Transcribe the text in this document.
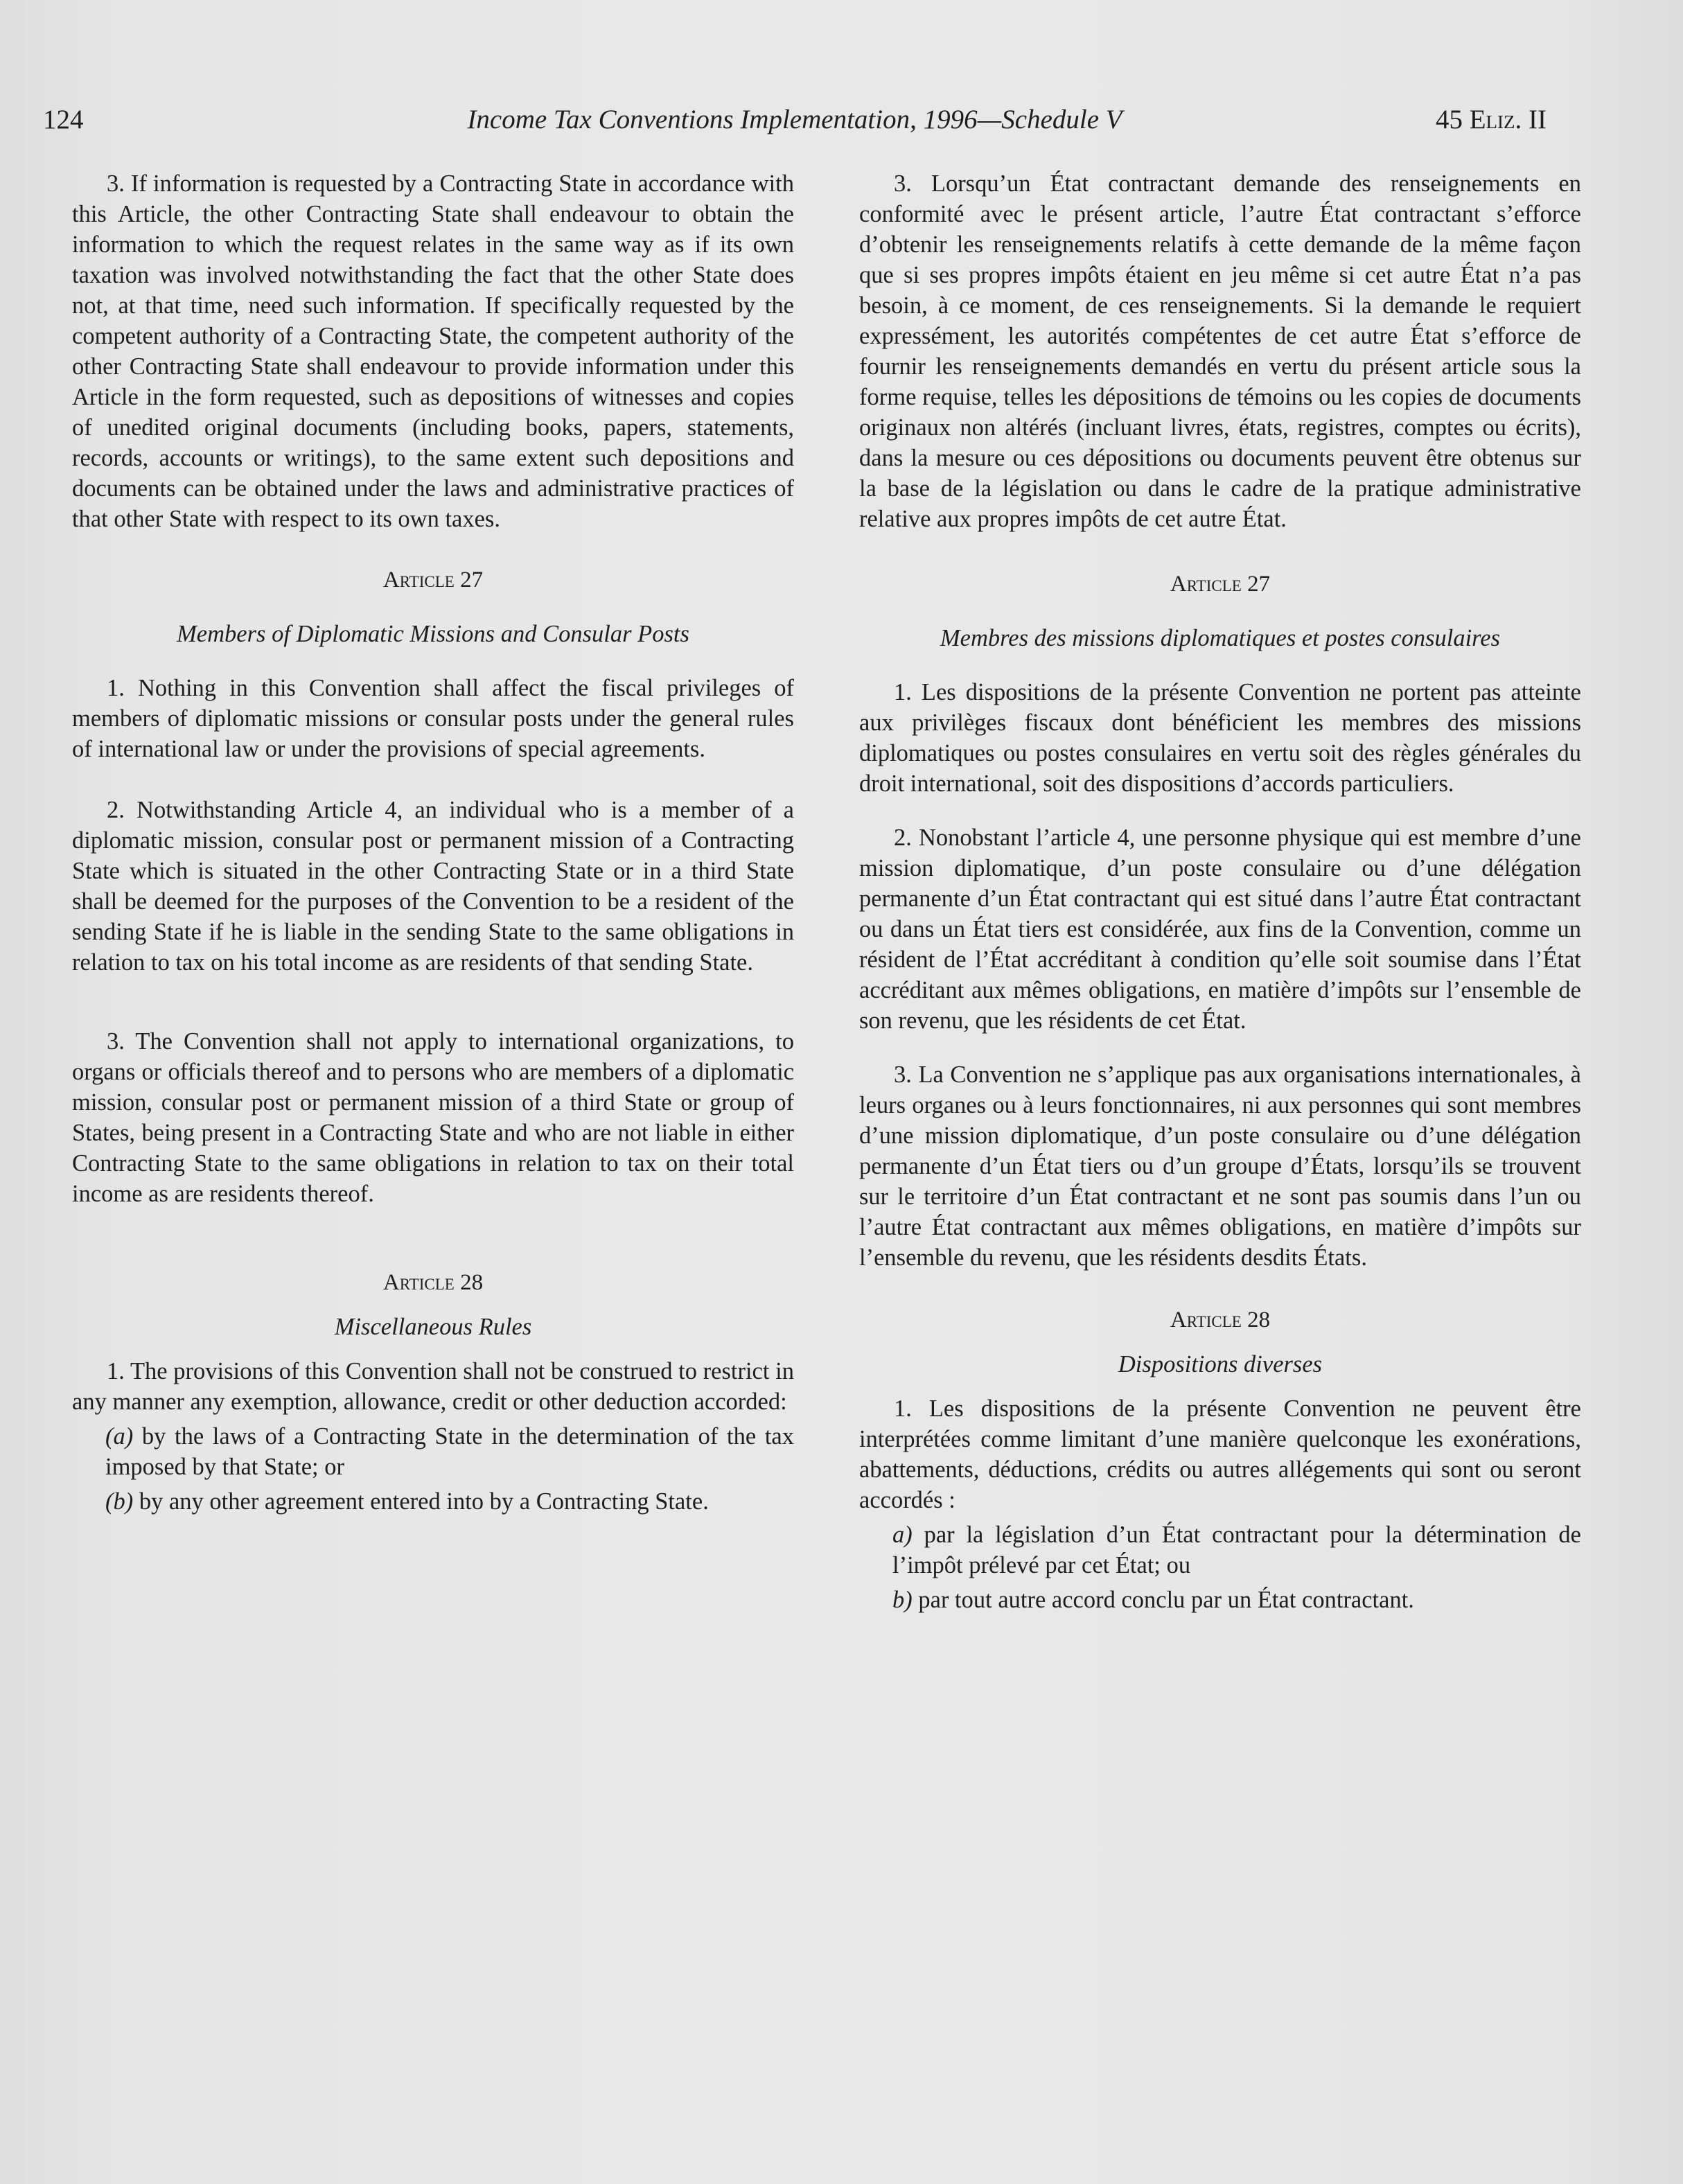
124	Income Tax Conventions Implementation, 1996—Schedule V	45 Eliz. II

3. If information is requested by a Contracting State in accordance with this Article, the other Contracting State shall endeavour to obtain the information to which the request relates in the same way as if its own taxation was involved notwithstanding the fact that the other State does not, at that time, need such information. If specifically requested by the competent authority of a Contracting State, the competent authority of the other Contracting State shall endeavour to provide information under this Article in the form requested, such as depositions of witnesses and copies of unedited original documents (including books, papers, statements, records, accounts or writings), to the same extent such depositions and documents can be obtained under the laws and administrative practices of that other State with respect to its own taxes.

Article 27

Members of Diplomatic Missions and Consular Posts

1. Nothing in this Convention shall affect the fiscal privileges of members of diplomatic missions or consular posts under the general rules of international law or under the provisions of special agreements.

2. Notwithstanding Article 4, an individual who is a member of a diplomatic mission, consular post or permanent mission of a Contracting State which is situated in the other Contracting State or in a third State shall be deemed for the purposes of the Convention to be a resident of the sending State if he is liable in the sending State to the same obligations in relation to tax on his total income as are residents of that sending State.

3. The Convention shall not apply to international organizations, to organs or officials thereof and to persons who are members of a diplomatic mission, consular post or permanent mission of a third State or group of States, being present in a Contracting State and who are not liable in either Contracting State to the same obligations in relation to tax on their total income as are residents thereof.

Article 28

Miscellaneous Rules

1. The provisions of this Convention shall not be construed to restrict in any manner any exemption, allowance, credit or other deduction accorded:

(a) by the laws of a Contracting State in the determination of the tax imposed by that State; or

(b) by any other agreement entered into by a Contracting State.

3. Lorsqu’un État contractant demande des renseignements en conformité avec le présent article, l’autre État contractant s’efforce d’obtenir les renseignements relatifs à cette demande de la même façon que si ses propres impôts étaient en jeu même si cet autre État n’a pas besoin, à ce moment, de ces renseignements. Si la demande le requiert expressément, les autorités compétentes de cet autre État s’efforce de fournir les renseignements demandés en vertu du présent article sous la forme requise, telles les dépositions de témoins ou les copies de documents originaux non altérés (incluant livres, états, registres, comptes ou écrits), dans la mesure ou ces dépositions ou documents peuvent être obtenus sur la base de la législation ou dans le cadre de la pratique administrative relative aux propres impôts de cet autre État.

Article 27

Membres des missions diplomatiques et postes consulaires

1. Les dispositions de la présente Convention ne portent pas atteinte aux privilèges fiscaux dont bénéficient les membres des missions diplomatiques ou postes consulaires en vertu soit des règles générales du droit international, soit des dispositions d’accords particuliers.

2. Nonobstant l’article 4, une personne physique qui est membre d’une mission diplomatique, d’un poste consulaire ou d’une délégation permanente d’un État contractant qui est situé dans l’autre État contractant ou dans un État tiers est considérée, aux fins de la Convention, comme un résident de l’État accréditant à condition qu’elle soit soumise dans l’État accréditant aux mêmes obligations, en matière d’impôts sur l’ensemble de son revenu, que les résidents de cet État.

3. La Convention ne s’applique pas aux organisations internationales, à leurs organes ou à leurs fonctionnaires, ni aux personnes qui sont membres d’une mission diplomatique, d’un poste consulaire ou d’une délégation permanente d’un État tiers ou d’un groupe d’États, lorsqu’ils se trouvent sur le territoire d’un État contractant et ne sont pas soumis dans l’un ou l’autre État contractant aux mêmes obligations, en matière d’impôts sur l’ensemble du revenu, que les résidents desdits États.

Article 28

Dispositions diverses

1. Les dispositions de la présente Convention ne peuvent être interprétées comme limitant d’une manière quelconque les exonérations, abattements, déductions, crédits ou autres allégements qui sont ou seront accordés :

a) par la législation d’un État contractant pour la détermination de l’impôt prélevé par cet État; ou

b) par tout autre accord conclu par un État contractant.
